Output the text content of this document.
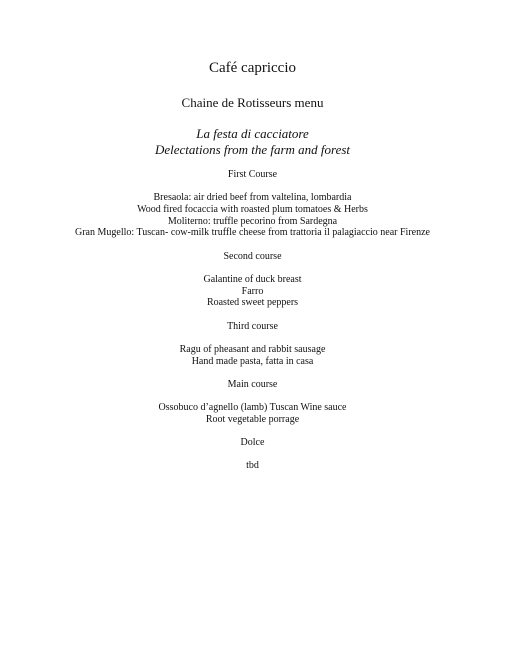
Café capriccio
Chaine de Rotisseurs menu
La festa di cacciatore
Delectations from the farm and forest
First Course
Bresaola: air dried beef from valtelina, lombardia
Wood fired focaccia with roasted plum tomatoes & Herbs
Moliterno: truffle pecorino from Sardegna
Gran Mugello: Tuscan- cow-milk truffle cheese from trattoria il palagiaccio near Firenze
Second course
Galantine of duck breast
Farro
Roasted sweet peppers
Third course
Ragu of pheasant and rabbit sausage
Hand made pasta, fatta in casa
Main course
Ossobuco d’agnello (lamb) Tuscan Wine sauce
Root vegetable porrage
Dolce
tbd
